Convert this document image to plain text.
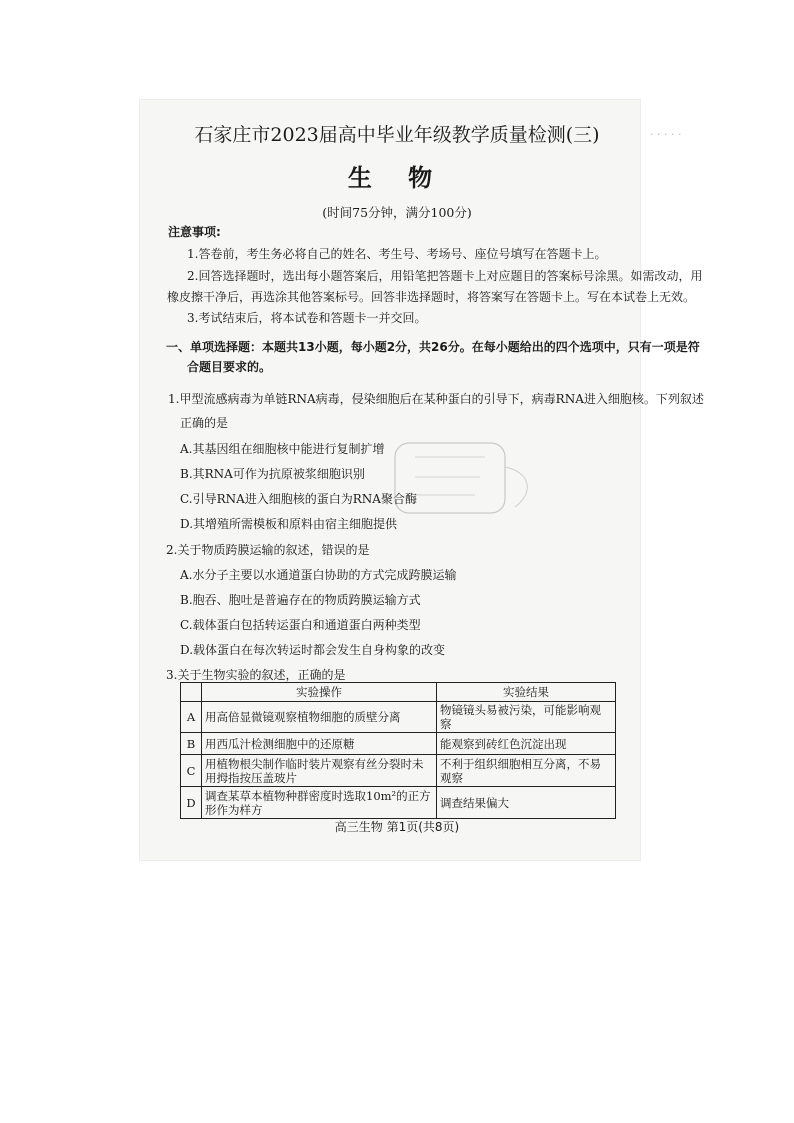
· · · · ·
石家庄市2023届高中毕业年级教学质量检测(三)
生 物
(时间75分钟，满分100分)
注意事项:
1.答卷前，考生务必将自己的姓名、考生号、考场号、座位号填写在答题卡上。
2.回答选择题时，选出每小题答案后，用铅笔把答题卡上对应题目的答案标号涂黑。如需改动，用
橡皮擦干净后，再选涂其他答案标号。回答非选择题时，将答案写在答题卡上。写在本试卷上无效。
3.考试结束后，将本试卷和答题卡一并交回。
一、单项选择题：本题共13小题，每小题2分，共26分。在每小题给出的四个选项中，只有一项是符
合题目要求的。
1.甲型流感病毒为单链RNA病毒，侵染细胞后在某种蛋白的引导下，病毒RNA进入细胞核。下列叙述
正确的是
A.其基因组在细胞核中能进行复制扩增
B.其RNA可作为抗原被浆细胞识别
C.引导RNA进入细胞核的蛋白为RNA聚合酶
D.其增殖所需模板和原料由宿主细胞提供
2.关于物质跨膜运输的叙述，错误的是
A.水分子主要以水通道蛋白协助的方式完成跨膜运输
B.胞吞、胞吐是普遍存在的物质跨膜运输方式
C.载体蛋白包括转运蛋白和通道蛋白两种类型
D.载体蛋白在每次转运时都会发生自身构象的改变
3.关于生物实验的叙述，正确的是
	实验操作	实验结果
A	用高倍显微镜观察植物细胞的质壁分离	物镜镜头易被污染，可能影响观察
B	用西瓜汁检测细胞中的还原糖	能观察到砖红色沉淀出现
C	用植物根尖制作临时装片观察有丝分裂时未用拇指按压盖玻片	不利于组织细胞相互分离，不易观察
D	调查某草本植物种群密度时选取10m²的正方形作为样方	调查结果偏大
高三生物 第1页(共8页)
